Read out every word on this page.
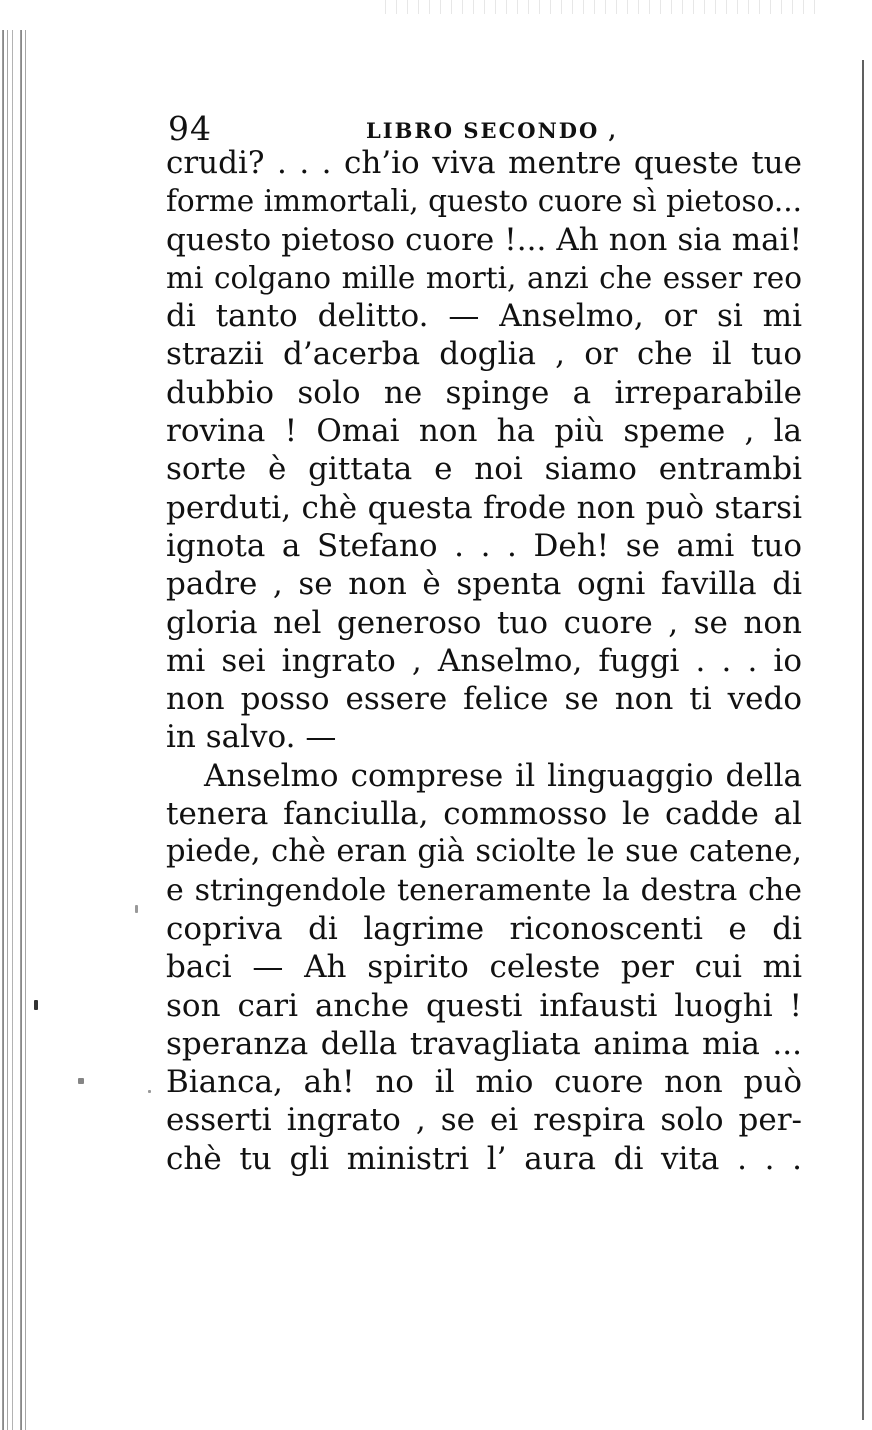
94	LIBRO SECONDO ,
crudi? . . . ch’io viva mentre queste tue
forme immortali, questo cuore sì pietoso...
questo pietoso cuore !... Ah non sia mai!
mi colgano mille morti, anzi che esser reo
di tanto delitto. — Anselmo, or si mi
strazii d’acerba doglia , or che il tuo
dubbio solo ne spinge a irreparabile
rovina ! Omai non ha più speme , la
sorte è gittata e noi siamo entrambi
perduti, chè questa frode non può starsi
ignota a Stefano . . . Deh! se ami tuo
padre , se non è spenta ogni favilla di
gloria nel generoso tuo cuore , se non
mi sei ingrato , Anselmo, fuggi . . . io
non posso essere felice se non ti vedo
in salvo. —
Anselmo comprese il linguaggio della
tenera fanciulla, commosso le cadde al
piede, chè eran già sciolte le sue catene,
e stringendole teneramente la destra che
copriva di lagrime riconoscenti e di
baci — Ah spirito celeste per cui mi
son cari anche questi infausti luoghi !
speranza della travagliata anima mia ...
Bianca, ah! no il mio cuore non può
esserti ingrato , se ei respira solo per-
chè tu gli ministri l’ aura di vita . . .
